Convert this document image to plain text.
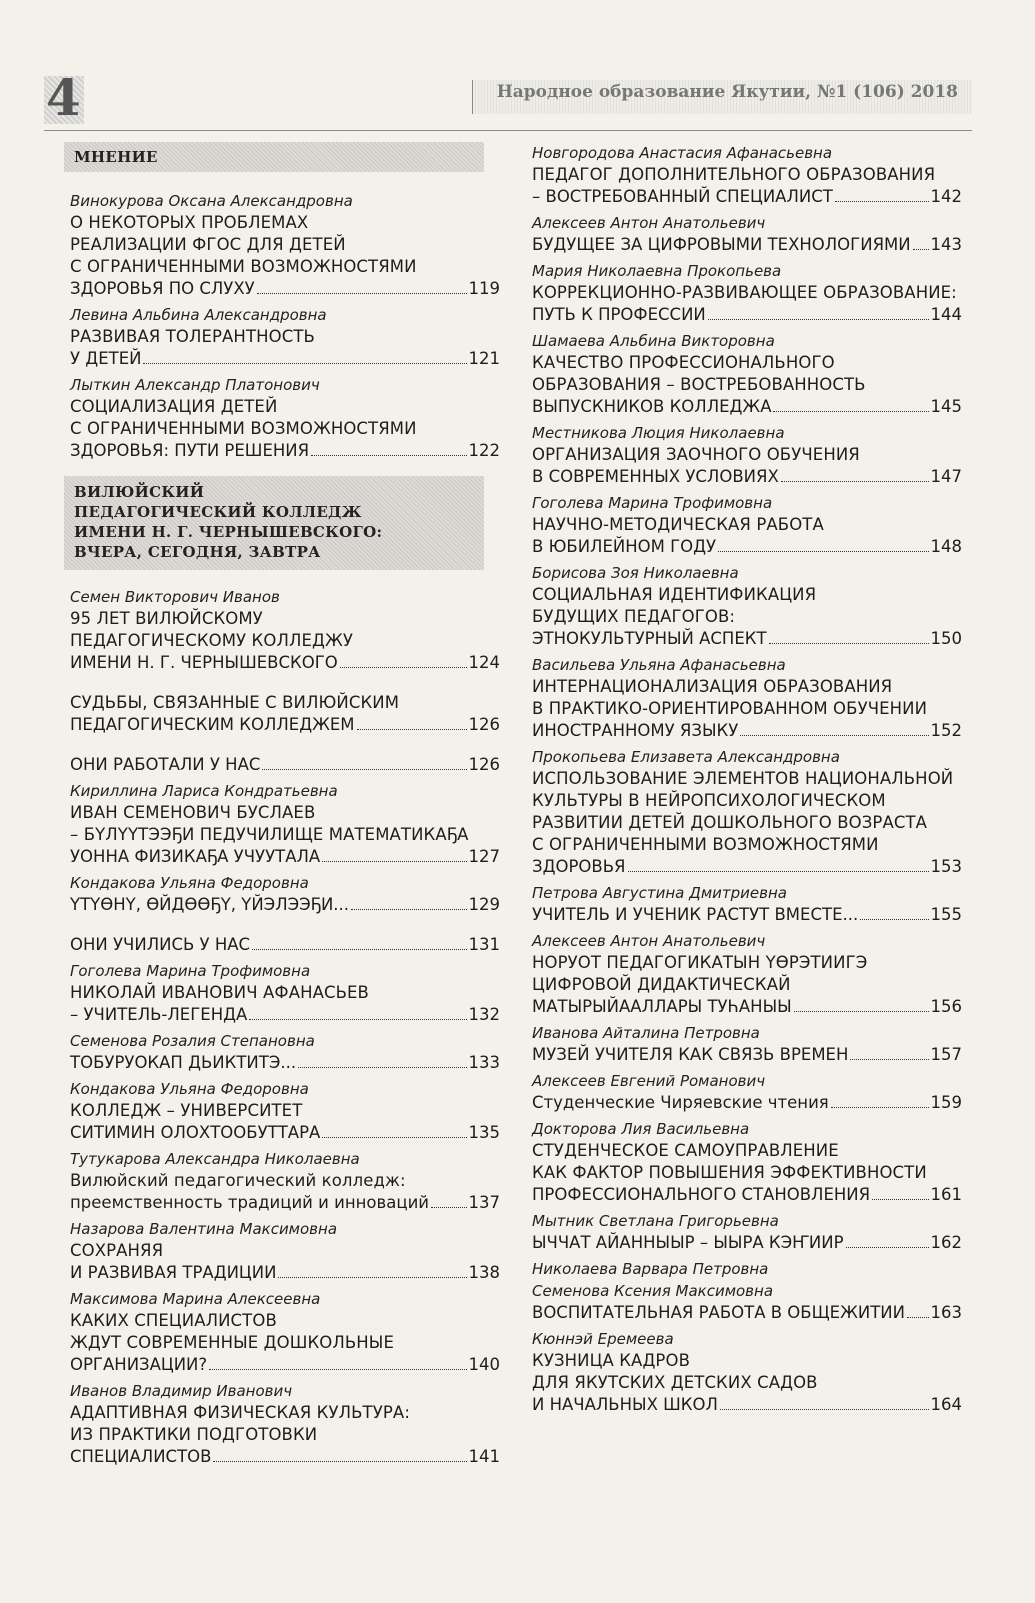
4	Народное образование Якутии, №1 (106) 2018
МНЕНИЕ
Винокурова Оксана Александровна
О НЕКОТОРЫХ ПРОБЛЕМАХ
РЕАЛИЗАЦИИ ФГОС ДЛЯ ДЕТЕЙ
С ОГРАНИЧЕННЫМИ ВОЗМОЖНОСТЯМИ
ЗДОРОВЬЯ ПО СЛУХУ	119
Левина Альбина Александровна
РАЗВИВАЯ ТОЛЕРАНТНОСТЬ
У ДЕТЕЙ	121
Лыткин Александр Платонович
СОЦИАЛИЗАЦИЯ ДЕТЕЙ
С ОГРАНИЧЕННЫМИ ВОЗМОЖНОСТЯМИ
ЗДОРОВЬЯ: ПУТИ РЕШЕНИЯ	122
ВИЛЮЙСКИЙ
ПЕДАГОГИЧЕСКИЙ КОЛЛЕДЖ
ИМЕНИ Н. Г. ЧЕРНЫШЕВСКОГО:
ВЧЕРА, СЕГОДНЯ, ЗАВТРА
Семен Викторович Иванов
95 ЛЕТ ВИЛЮЙСКОМУ
ПЕДАГОГИЧЕСКОМУ КОЛЛЕДЖУ
ИМЕНИ Н. Г. ЧЕРНЫШЕВСКОГО	124
СУДЬБЫ, СВЯЗАННЫЕ С ВИЛЮЙСКИМ
ПЕДАГОГИЧЕСКИМ КОЛЛЕДЖЕМ	126
ОНИ РАБОТАЛИ У НАС	126
Кириллина Лариса Кондратьевна
ИВАН СЕМЕНОВИЧ БУСЛАЕВ
– БҮЛҮҮТЭЭҔИ ПЕДУЧИЛИЩЕ МАТЕМАТИКАҔА
УОННА ФИЗИКАҔА УЧУУТАЛА	127
Кондакова Ульяна Федоровна
ҮТҮӨНҮ, ӨЙДӨӨҔҮ, ҮЙЭЛЭЭҔИ...	129
ОНИ УЧИЛИСЬ У НАС	131
Гоголева Марина Трофимовна
НИКОЛАЙ ИВАНОВИЧ АФАНАСЬЕВ
– УЧИТЕЛЬ-ЛЕГЕНДА	132
Семенова Розалия Степановна
ТОБУРУОКАП ДЬИКТИТЭ...	133
Кондакова Ульяна Федоровна
КОЛЛЕДЖ – УНИВЕРСИТЕТ
СИТИМИН ОЛОХТООБУТТАРА	135
Тутукарова Александра Николаевна
Вилюйский педагогический колледж:
преемственность традиций и инноваций 137
Назарова Валентина Максимовна
СОХРАНЯЯ
И РАЗВИВАЯ ТРАДИЦИИ	138
Максимова Марина Алексеевна
КАКИХ СПЕЦИАЛИСТОВ
ЖДУТ СОВРЕМЕННЫЕ ДОШКОЛЬНЫЕ
ОРГАНИЗАЦИИ?	140
Иванов Владимир Иванович
АДАПТИВНАЯ ФИЗИЧЕСКАЯ КУЛЬТУРА:
ИЗ ПРАКТИКИ ПОДГОТОВКИ
СПЕЦИАЛИСТОВ	141
Новгородова Анастасия Афанасьевна
ПЕДАГОГ ДОПОЛНИТЕЛЬНОГО ОБРАЗОВАНИЯ
– ВОСТРЕБОВАННЫЙ СПЕЦИАЛИСТ	142
Алексеев Антон Анатольевич
БУДУЩЕЕ ЗА ЦИФРОВЫМИ ТЕХНОЛОГИЯМИ 143
Мария Николаевна Прокопьева
КОРРЕКЦИОННО-РАЗВИВАЮЩЕЕ ОБРАЗОВАНИЕ:
ПУТЬ К ПРОФЕССИИ	144
Шамаева Альбина Викторовна
КАЧЕСТВО ПРОФЕССИОНАЛЬНОГО
ОБРАЗОВАНИЯ – ВОСТРЕБОВАННОСТЬ
ВЫПУСКНИКОВ КОЛЛЕДЖА	145
Местникова Люция Николаевна
ОРГАНИЗАЦИЯ ЗАОЧНОГО ОБУЧЕНИЯ
В СОВРЕМЕННЫХ УСЛОВИЯХ	147
Гоголева Марина Трофимовна
НАУЧНО-МЕТОДИЧЕСКАЯ РАБОТА
В ЮБИЛЕЙНОМ ГОДУ	148
Борисова Зоя Николаевна
СОЦИАЛЬНАЯ ИДЕНТИФИКАЦИЯ
БУДУЩИХ ПЕДАГОГОВ:
ЭТНОКУЛЬТУРНЫЙ АСПЕКТ	150
Васильева Ульяна Афанасьевна
ИНТЕРНАЦИОНАЛИЗАЦИЯ ОБРАЗОВАНИЯ
В ПРАКТИКО-ОРИЕНТИРОВАННОМ ОБУЧЕНИИ
ИНОСТРАННОМУ ЯЗЫКУ	152
Прокопьева Елизавета Александровна
ИСПОЛЬЗОВАНИЕ ЭЛЕМЕНТОВ НАЦИОНАЛЬНОЙ
КУЛЬТУРЫ В НЕЙРОПСИХОЛОГИЧЕСКОМ
РАЗВИТИИ ДЕТЕЙ ДОШКОЛЬНОГО ВОЗРАСТА
С ОГРАНИЧЕННЫМИ ВОЗМОЖНОСТЯМИ
ЗДОРОВЬЯ	153
Петрова Августина Дмитриевна
УЧИТЕЛЬ И УЧЕНИК РАСТУТ ВМЕСТЕ...	155
Алексеев Антон Анатольевич
НОРУОТ ПЕДАГОГИКАТЫН ҮӨРЭТИИГЭ
ЦИФРОВОЙ ДИДАКТИЧЕСКАЙ
МАТЫРЫЙААЛЛАРЫ ТУҺАНЫЫ	156
Иванова Айталина Петровна
МУЗЕЙ УЧИТЕЛЯ КАК СВЯЗЬ ВРЕМЕН	157
Алексеев Евгений Романович
Студенческие Чиряевские чтения	159
Докторова Лия Васильевна
СТУДЕНЧЕСКОЕ САМОУПРАВЛЕНИЕ
КАК ФАКТОР ПОВЫШЕНИЯ ЭФФЕКТИВНОСТИ
ПРОФЕССИОНАЛЬНОГО СТАНОВЛЕНИЯ	161
Мытник Светлана Григорьевна
ЫЧЧАТ АЙАННЫЫР – ЫЫРА КЭҤИИР	162
Николаева Варвара Петровна
Семенова Ксения Максимовна
ВОСПИТАТЕЛЬНАЯ РАБОТА В ОБЩЕЖИТИИ 163
Кюннэй Еремеева
КУЗНИЦА КАДРОВ
ДЛЯ ЯКУТСКИХ ДЕТСКИХ САДОВ
И НАЧАЛЬНЫХ ШКОЛ	164
